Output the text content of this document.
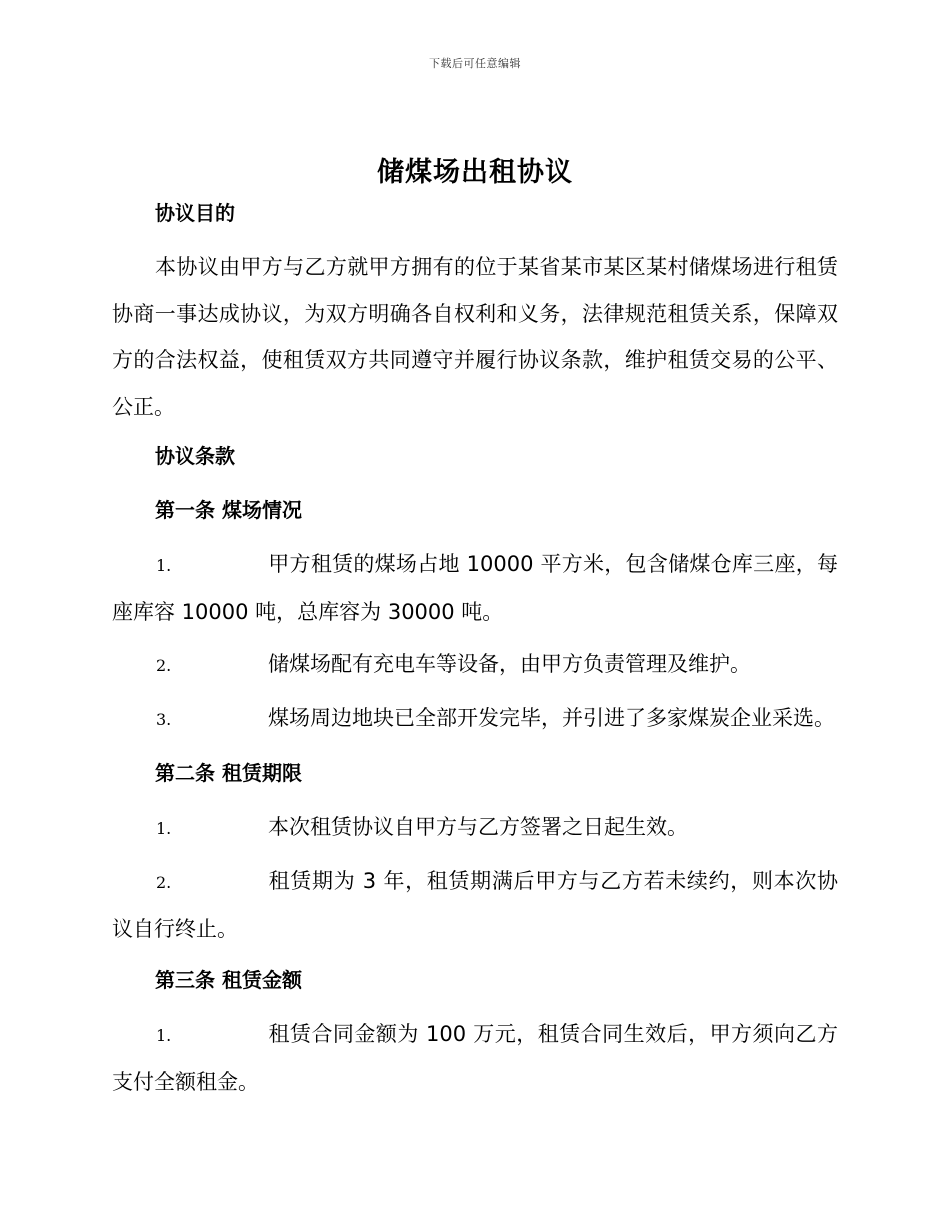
下载后可任意编辑
储煤场出租协议
协议目的
本协议由甲方与乙方就甲方拥有的位于某省某市某区某村储煤场进行租赁协商一事达成协议，为双方明确各自权利和义务，法律规范租赁关系，保障双方的合法权益，使租赁双方共同遵守并履行协议条款，维护租赁交易的公平、公正。
协议条款
第一条 煤场情况
1.	甲方租赁的煤场占地 10000 平方米，包含储煤仓库三座，每座库容 10000 吨，总库容为 30000 吨。
2.	储煤场配有充电车等设备，由甲方负责管理及维护。
3.	煤场周边地块已全部开发完毕，并引进了多家煤炭企业采选。
第二条 租赁期限
1.	本次租赁协议自甲方与乙方签署之日起生效。
2.	租赁期为 3 年，租赁期满后甲方与乙方若未续约，则本次协议自行终止。
第三条 租赁金额
1.	租赁合同金额为 100 万元，租赁合同生效后，甲方须向乙方支付全额租金。
